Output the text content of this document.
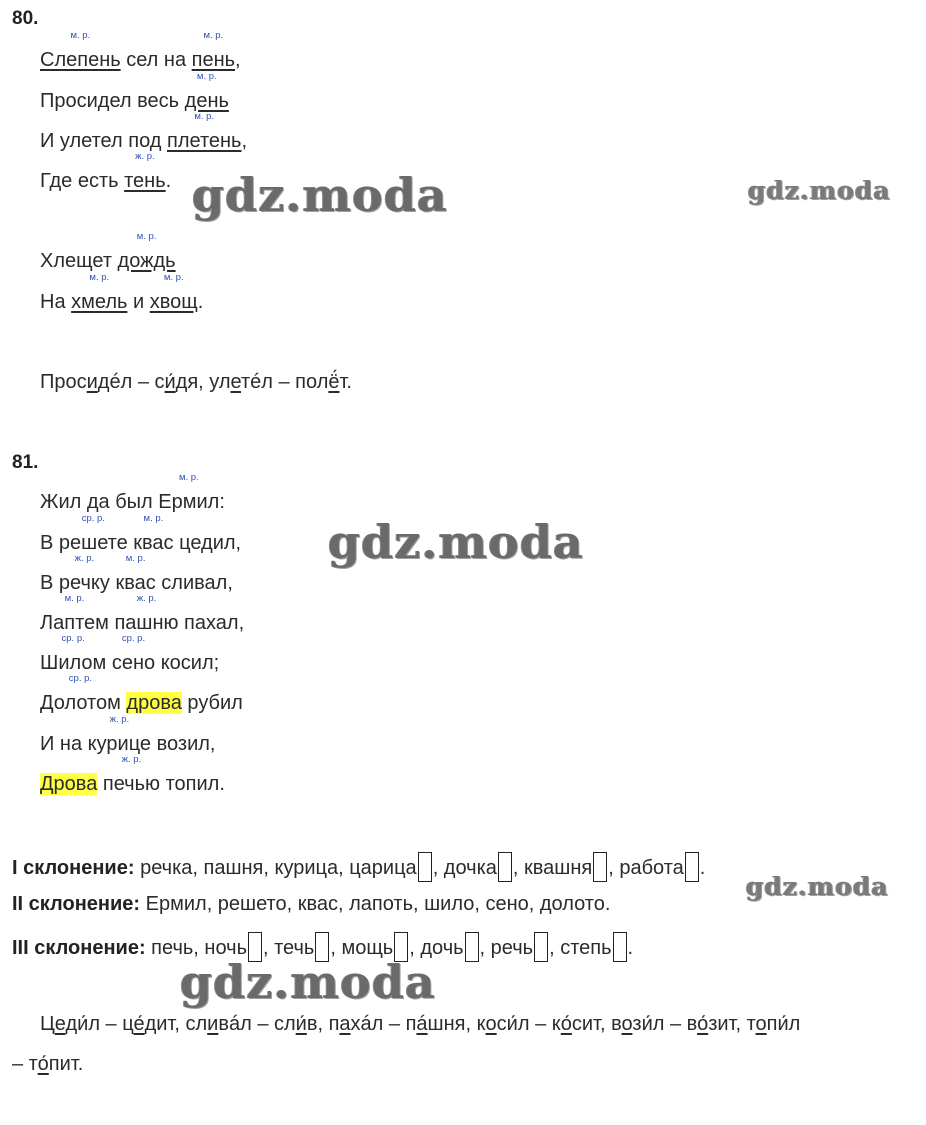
80.
м. р.
Слепень сел на
м. р.
пень,
Просидел весь
м. р.
день
И улетел под
м. р.
плетень,
Где есть
ж. р.
тень.
Хлещет
м. р.
дождь
На
м. р.
хмель и
м. р.
хвощ.
Просидéл – си́дя, улетéл – полё́т.
81.
Жил да был
м. р.
Ермил:
В
ср. р.
решете
м. р.
квас цедил,
В
ж. р.
речку
м. р.
квас сливал,
м. р.
Лаптем
ж. р.
пашню пахал,
ср. р.
Шилом
ср. р.
сено косил;
ср. р.
Долотом дрова рубил
И на
ж. р.
курице возил,
Дрова
ж. р.
печью топил.
I склонение: речка, пашня, курица, царица , дочка , квашня , работа .
II склонение: Ермил, решето, квас, лапоть, шило, сено, долото.
III склонение: печь, ночь , течь , мощь , дочь , речь , степь .
Цеди́л – це́дит, сливáл – сли́в, пахáл – пáшня, коси́л – ко́сит, вози́л – во́зит, топи́л
– то́пит.
gdz.moda	gdz.moda
gdz.moda
gdz.moda
gdz.moda
